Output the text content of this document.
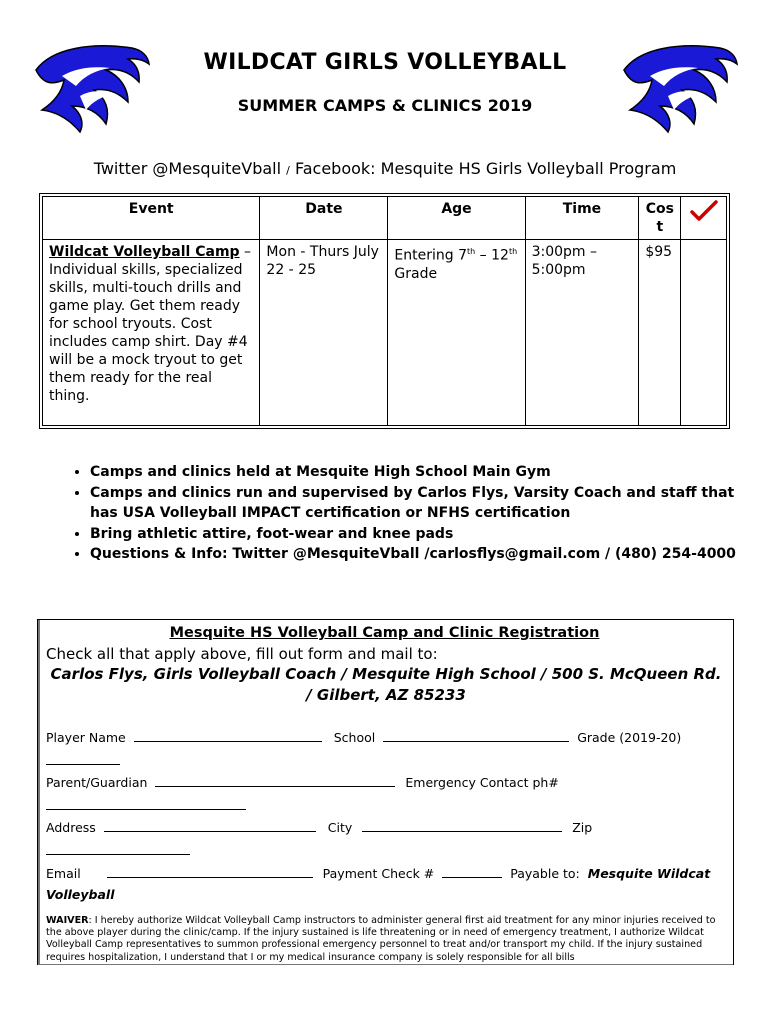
WILDCAT GIRLS VOLLEYBALL
SUMMER CAMPS & CLINICS 2019
Twitter @MesquiteVball / Facebook: Mesquite HS Girls Volleyball Program
Event	Date	Age	Time	Cos t	

Wildcat Volleyball Camp – Individual skills, specialized skills, multi-touch drills and game play. Get them ready for school tryouts. Cost includes camp shirt. Day #4 will be a mock tryout to get them ready for the real thing.	Mon - Thurs July 22 - 25	Entering 7th – 12th Grade	3:00pm – 5:00pm	$95	
• Camps and clinics held at Mesquite High School Main Gym
• Camps and clinics run and supervised by Carlos Flys, Varsity Coach and staff that has USA Volleyball IMPACT certification or NFHS certification
• Bring athletic attire, foot-wear and knee pads
• Questions & Info: Twitter @MesquiteVball /carlosflys@gmail.com / (480) 254-4000
Mesquite HS Volleyball Camp and Clinic Registration
Check all that apply above, fill out form and mail to:
Carlos Flys, Girls Volleyball Coach / Mesquite High School / 500 S. McQueen Rd. / Gilbert, AZ 85233
Player Name	School	Grade (2019-20)
Parent/Guardian	Emergency Contact ph#
Address	City	Zip
Email	Payment Check #	Payable to: Mesquite Wildcat
Volleyball
WAIVER: I hereby authorize Wildcat Volleyball Camp instructors to administer general first aid treatment for any minor injuries received to the above player during the clinic/camp. If the injury sustained is life threatening or in need of emergency treatment, I authorize Wildcat Volleyball Camp representatives to summon professional emergency personnel to treat and/or transport my child. If the injury sustained requires hospitalization, I understand that I or my medical insurance company is solely responsible for all bills
